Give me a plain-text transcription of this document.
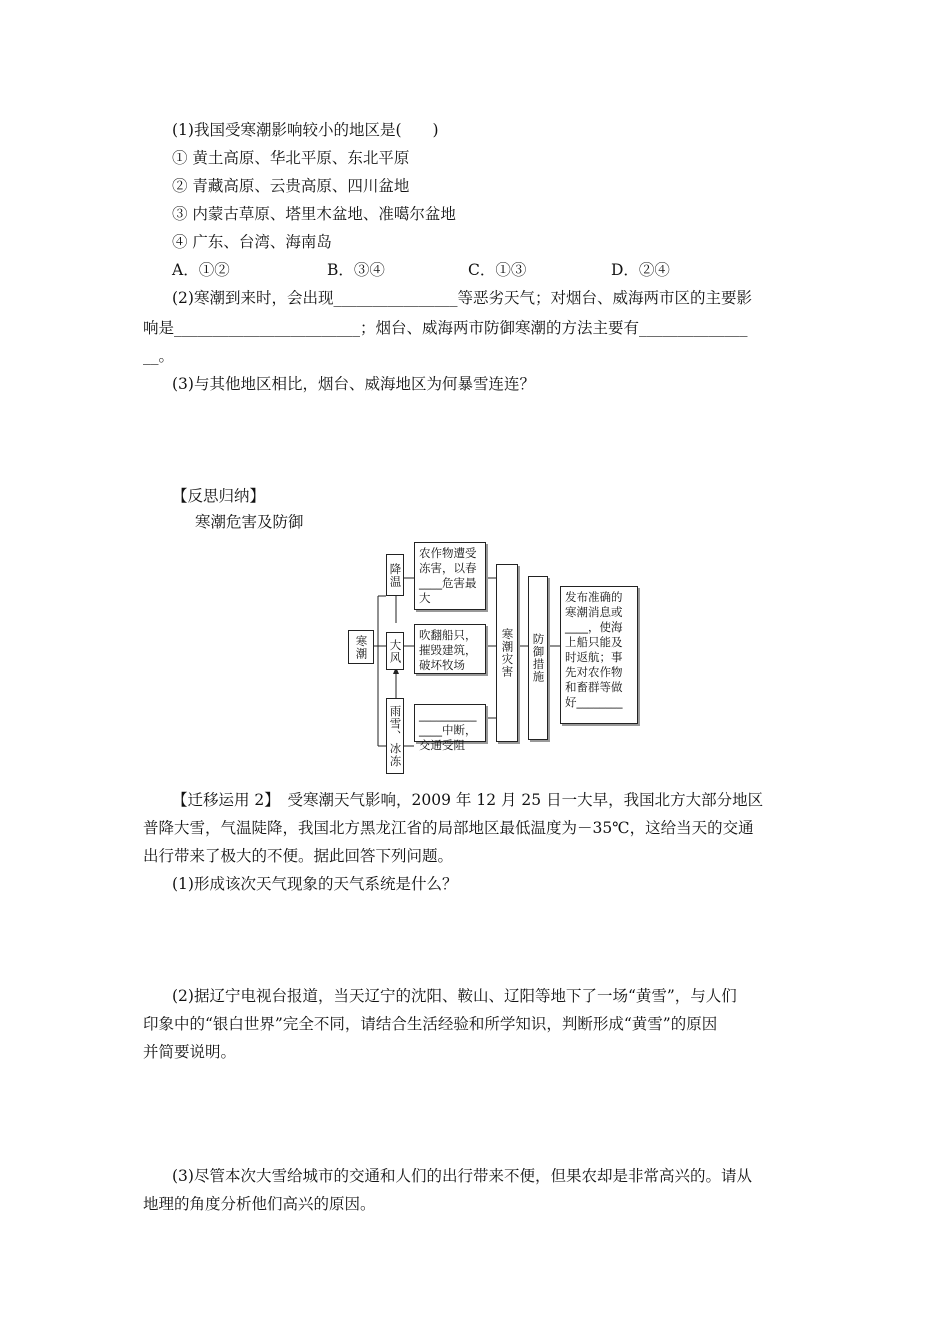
(1)我国受寒潮影响较小的地区是(　　)
① 黄土高原、华北平原、东北平原
② 青藏高原、云贵高原、四川盆地
③ 内蒙古草原、塔里木盆地、准噶尔盆地
④ 广东、台湾、海南岛
A．①②	B．③④	C．①③	D．②④
(2)寒潮到来时，会出现________________等恶劣天气；对烟台、威海两市区的主要影
响是________________________；烟台、威海两市防御寒潮的方法主要有______________
__。
(3)与其他地区相比，烟台、威海地区为何暴雪连连？
【反思归纳】
寒潮危害及防御
寒潮
降温
大风
雨雪、冰冻
农作物遭受冻害，以春____危害最大
吹翻船只，摧毁建筑，破坏牧场
__________
____中断，交通受阻
寒潮灾害	防御措施
发布准确的寒潮消息或____，使海上船只能及时返航；事先对农作物和畜群等做好________
【迁移运用 2】　受寒潮天气影响，2009 年 12 月 25 日一大早，我国北方大部分地区
普降大雪，气温陡降，我国北方黑龙江省的局部地区最低温度为－35℃，这给当天的交通
出行带来了极大的不便。据此回答下列问题。
(1)形成该次天气现象的天气系统是什么？
(2)据辽宁电视台报道，当天辽宁的沈阳、鞍山、辽阳等地下了一场“黄雪”，与人们
印象中的“银白世界”完全不同，请结合生活经验和所学知识，判断形成“黄雪”的原因
并简要说明。
(3)尽管本次大雪给城市的交通和人们的出行带来不便，但果农却是非常高兴的。请从
地理的角度分析他们高兴的原因。
